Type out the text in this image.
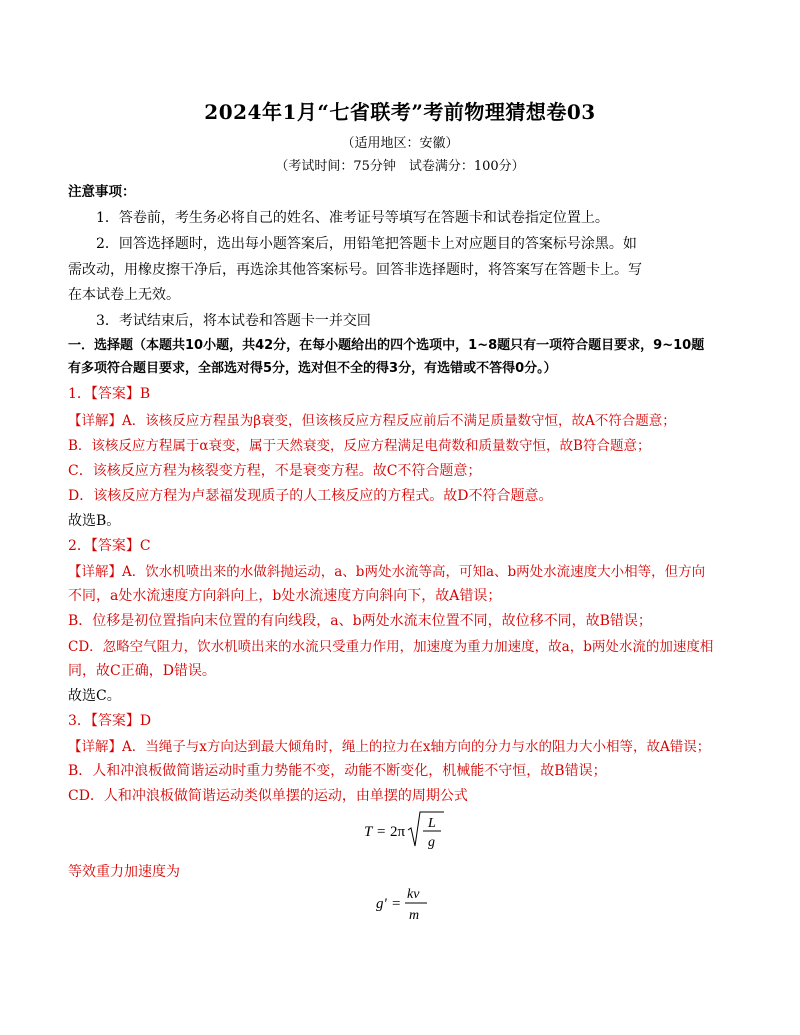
2024年1月“七省联考”考前物理猜想卷03
（适用地区：安徽）
（考试时间：75分钟　试卷满分：100分）
注意事项：
1．答卷前，考生务必将自己的姓名、准考证号等填写在答题卡和试卷指定位置上。
2．回答选择题时，选出每小题答案后，用铅笔把答题卡上对应题目的答案标号涂黑。如
需改动，用橡皮擦干净后，再选涂其他答案标号。回答非选择题时，将答案写在答题卡上。写
在本试卷上无效。
3．考试结束后，将本试卷和答题卡一并交回
一．选择题（本题共10小题，共42分，在每小题给出的四个选项中，1~8题只有一项符合题目要求，9~10题
有多项符合题目要求，全部选对得5分，选对但不全的得3分，有选错或不答得0分。）
1．【答案】B
【详解】A．该核反应方程虽为β衰变，但该核反应方程反应前后不满足质量数守恒，故A不符合题意；
B．该核反应方程属于α衰变，属于天然衰变，反应方程满足电荷数和质量数守恒，故B符合题意；
C．该核反应方程为核裂变方程，不是衰变方程。故C不符合题意；
D．该核反应方程为卢瑟福发现质子的人工核反应的方程式。故D不符合题意。
故选B。
2．【答案】C
【详解】A．饮水机喷出来的水做斜抛运动，a、b两处水流等高，可知a、b两处水流速度大小相等，但方向
不同，a处水流速度方向斜向上，b处水流速度方向斜向下，故A错误；
B．位移是初位置指向末位置的有向线段，a、b两处水流末位置不同，故位移不同，故B错误；
CD．忽略空气阻力，饮水机喷出来的水流只受重力作用，加速度为重力加速度，故a，b两处水流的加速度相
同，故C正确，D错误。
故选C。
3．【答案】D
【详解】A．当绳子与x方向达到最大倾角时，绳上的拉力在x轴方向的分力与水的阻力大小相等，故A错误；
B．人和冲浪板做简谐运动时重力势能不变，动能不断变化，机械能不守恒，故B错误；
CD．人和冲浪板做简谐运动类似单摆的运动，由单摆的周期公式
T = 2π
L
g
等效重力加速度为
g' =
kv
m
